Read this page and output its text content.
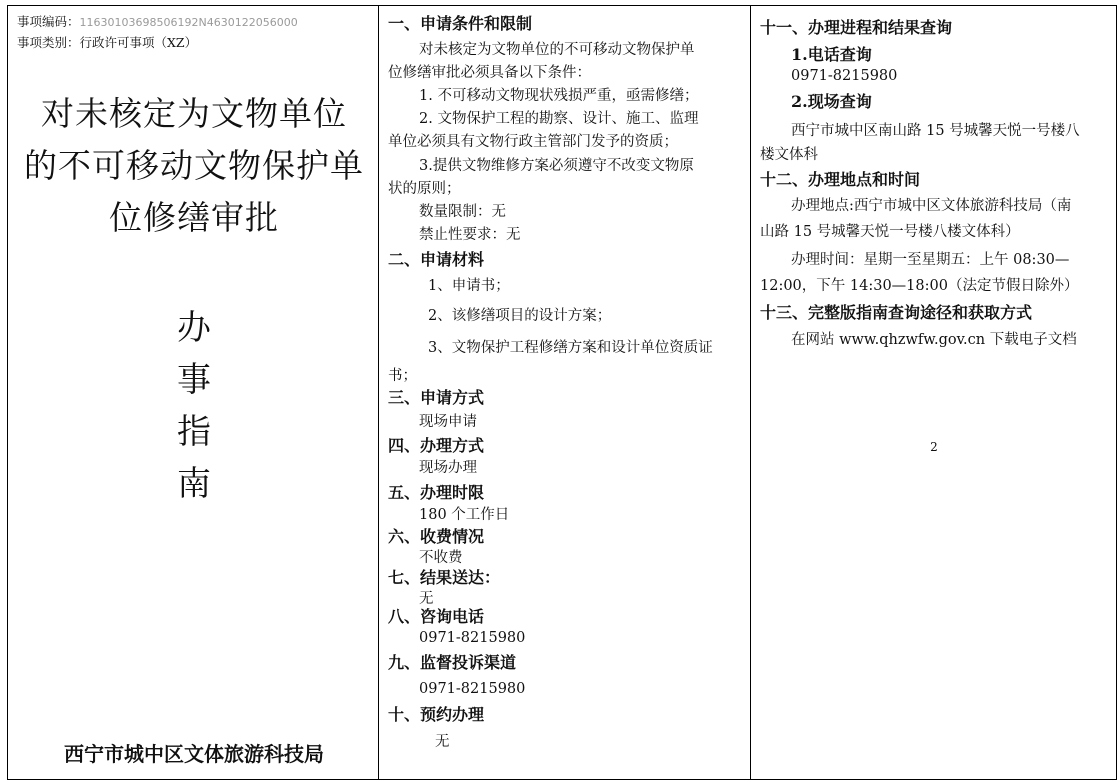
事项编码：11630103698506192N4630122056000
事项类别：行政许可事项（XZ）
对未核定为文物单位
的不可移动文物保护单
位修缮审批
办
事
指
南
西宁市城中区文体旅游科技局
一、申请条件和限制
对未核定为文物单位的不可移动文物保护单
位修缮审批必须具备以下条件：
1. 不可移动文物现状残损严重，亟需修缮；
2. 文物保护工程的勘察、设计、施工、监理
单位必须具有文物行政主管部门发予的资质；
3.提供文物维修方案必须遵守不改变文物原
状的原则；
数量限制：无
禁止性要求：无
二、申请材料
1、申请书；
2、该修缮项目的设计方案；
3、文物保护工程修缮方案和设计单位资质证
书；
三、申请方式
现场申请
四、办理方式
现场办理
五、办理时限
180 个工作日
六、收费情况
不收费
七、结果送达：
无
八、咨询电话
0971-8215980
九、监督投诉渠道
0971-8215980
十、预约办理
无
十一、办理进程和结果查询
1.电话查询
0971-8215980
2.现场查询
西宁市城中区南山路 15 号城馨天悦一号楼八
楼文体科
十二、办理地点和时间
办理地点:西宁市城中区文体旅游科技局（南
山路 15 号城馨天悦一号楼八楼文体科）
办理时间：星期一至星期五：上午 08:30—
12:00，下午 14:30—18:00（法定节假日除外）
十三、完整版指南查询途径和获取方式
在网站 www.qhzwfw.gov.cn 下载电子文档
2
